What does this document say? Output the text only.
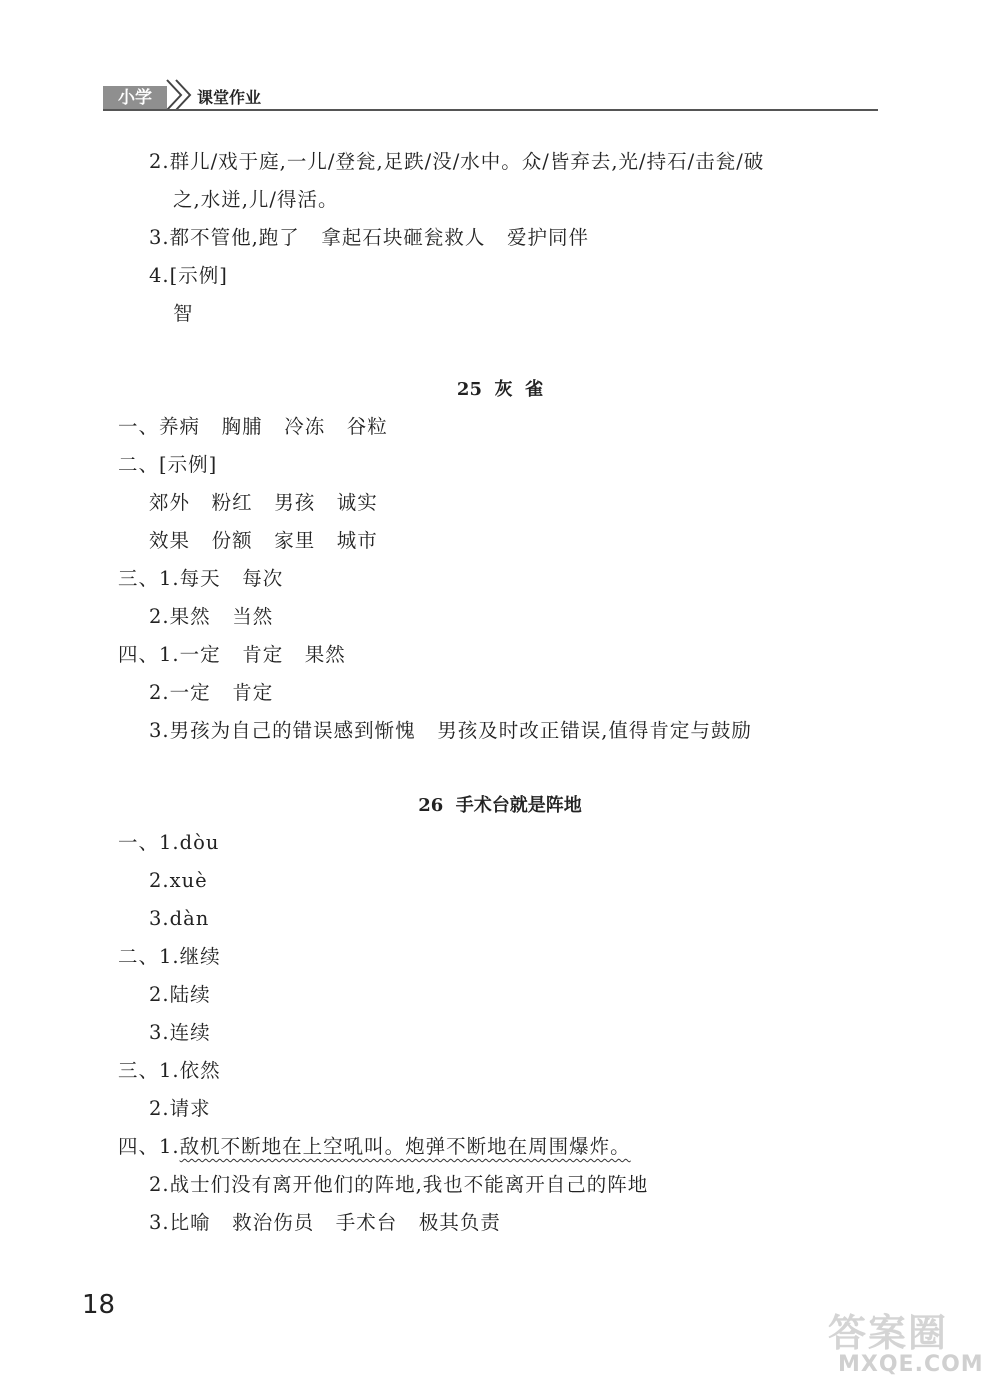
小学	课堂作业
2.群儿/戏于庭,一儿/登瓮,足跌/没/水中。众/皆弃去,光/持石/击瓮/破
之,水迸,儿/得活。
3.都不管他,跑了   拿起石块砸瓮救人   爱护同伴
4.[示例]
智
25 灰  雀
一、养病   胸脯   冷冻   谷粒
二、[示例]
郊外   粉红   男孩   诚实
效果   份额   家里   城市
三、1.每天   每次
2.果然   当然
四、1.一定   肯定   果然
2.一定   肯定
3.男孩为自己的错误感到惭愧   男孩及时改正错误,值得肯定与鼓励
26 手术台就是阵地
一、1.dòu
2.xuè
3.dàn
二、1.继续
2.陆续
3.连续
三、1.依然
2.请求
四、1.敌机不断地在上空吼叫。炮弹不断地在周围爆炸。
2.战士们没有离开他们的阵地,我也不能离开自己的阵地
3.比喻   救治伤员   手术台   极其负责
18
答案圈
MXQE.COM
